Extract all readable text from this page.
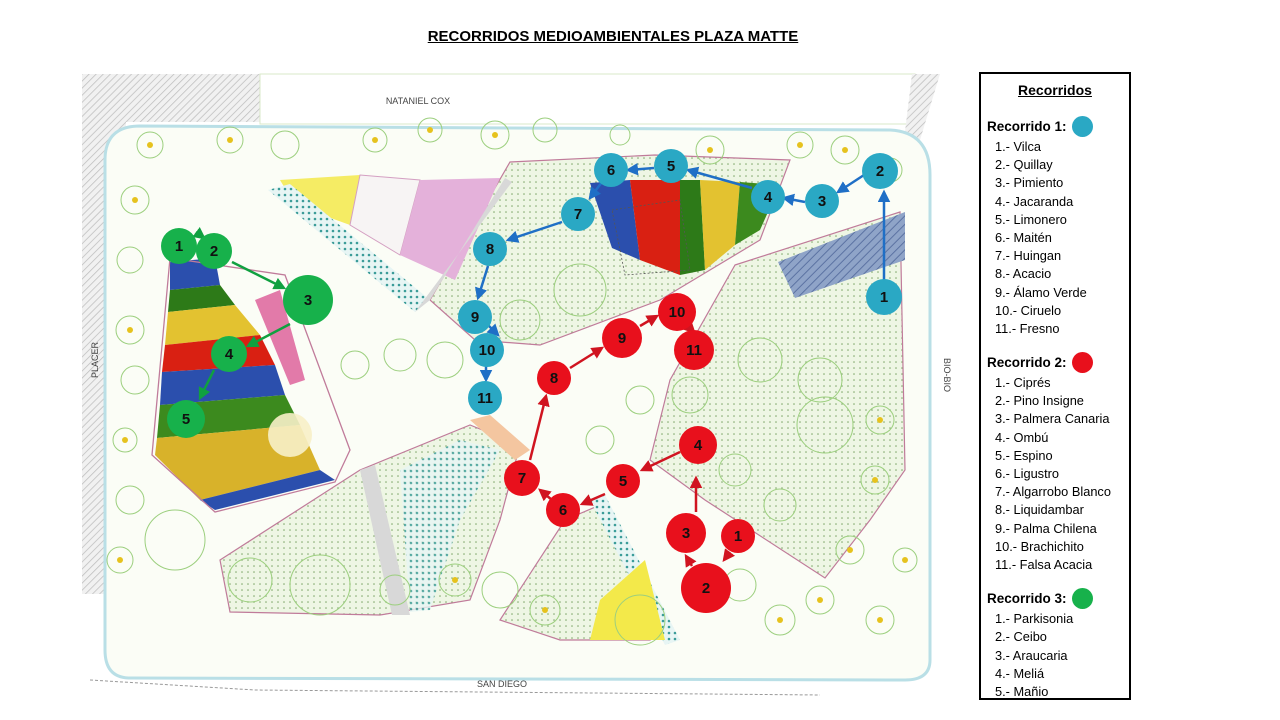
RECORRIDOS MEDIOAMBIENTALES PLAZA MATTE
NATANIEL COX
SAN DIEGO
PLACER	BIO-BIO
1
2
3
4
5
6
7
8
9
10
11
1
2
3
4
5
6
7
8
9
10
11
1 2
3
4
5
Recorridos
Recorrido 1:
1.- Vilca
2.- Quillay
3.- Pimiento
4.- Jacaranda
5.- Limonero
6.- Maitén
7.- Huingan
8.- Acacio
9.- Álamo Verde
10.- Ciruelo
11.- Fresno
Recorrido 2:
1.- Ciprés
2.- Pino Insigne
3.- Palmera Canaria
4.- Ombú
5.- Espino
6.- Ligustro
7.- Algarrobo Blanco
8.- Liquidambar
9.- Palma Chilena
10.- Brachichito
11.- Falsa Acacia
Recorrido 3:
1.- Parkisonia
2.- Ceibo
3.- Araucaria
4.- Meliá
5.- Mañio
